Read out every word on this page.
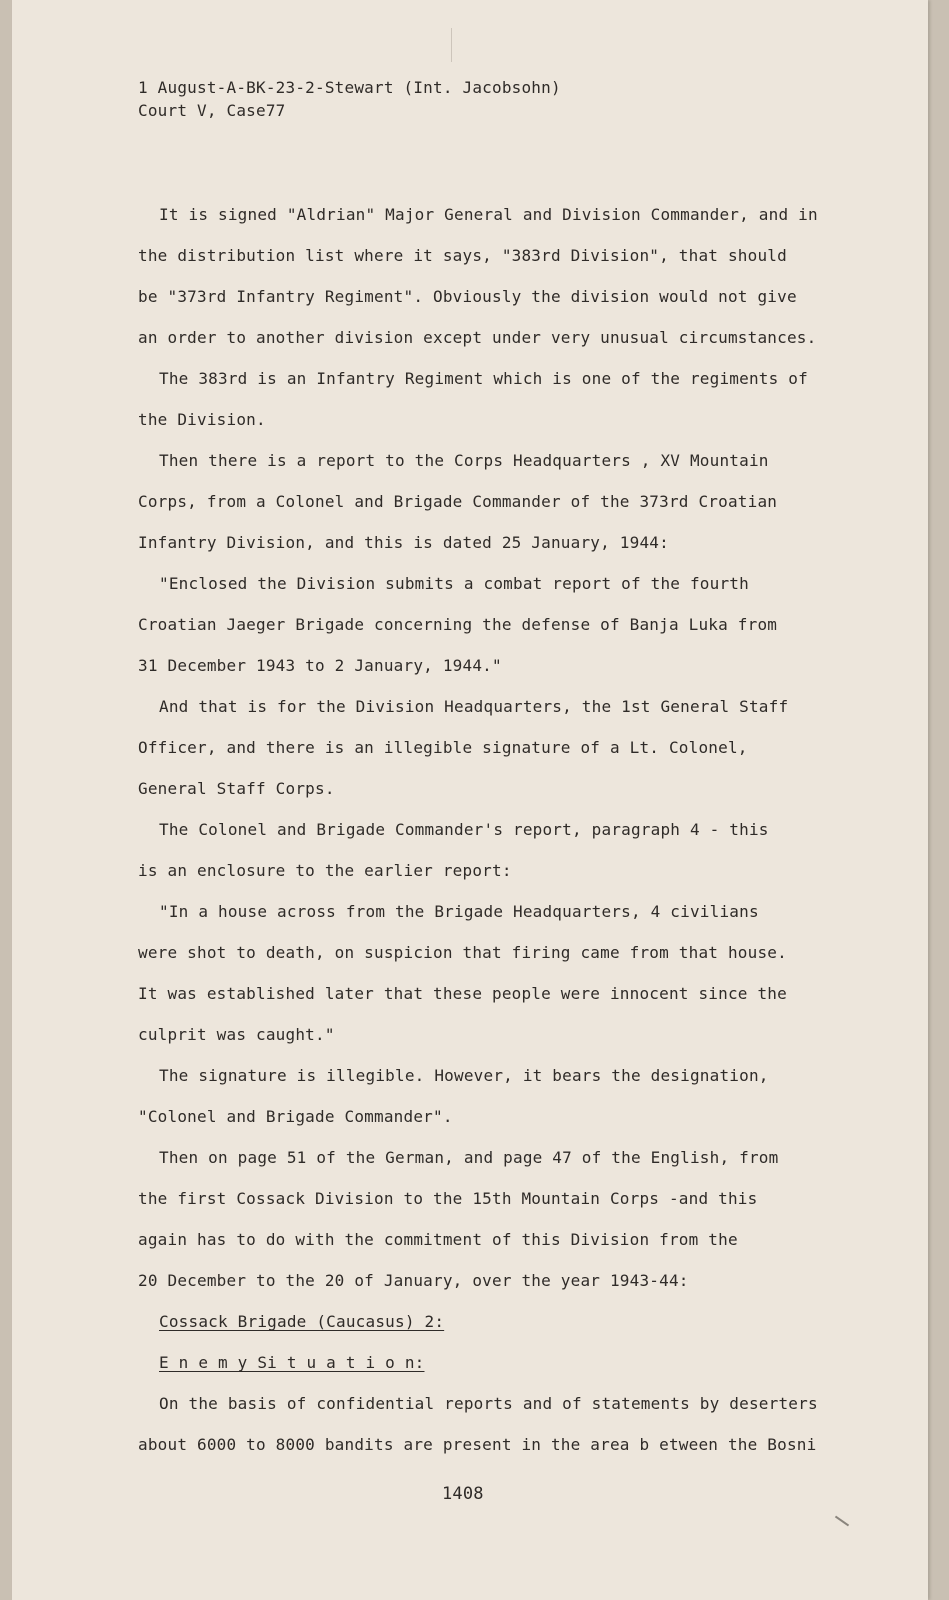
1 August-A-BK-23-2-Stewart (Int. Jacobsohn)
Court V, Case77
It is signed "Aldrian" Major General and Division Commander, and in
the distribution list where it says, "383rd Division", that should
be "373rd Infantry Regiment". Obviously the division would not give
an order to another division except under very unusual circumstances.
The 383rd is an Infantry Regiment which is one of the regiments of
the Division.
Then there is a report to the Corps Headquarters , XV Mountain
Corps, from a Colonel and Brigade Commander of the 373rd Croatian
Infantry Division, and this is dated 25 January, 1944:
"Enclosed the Division submits a combat report of the fourth
Croatian Jaeger Brigade concerning the defense of Banja Luka from
31 December 1943 to 2 January, 1944."
And that is for the Division Headquarters, the 1st General Staff
Officer, and there is an illegible signature of a Lt. Colonel,
General Staff Corps.
The Colonel and Brigade Commander's report, paragraph 4 - this
is an enclosure to the earlier report:
"In a house across from the Brigade Headquarters, 4 civilians
were shot to death, on suspicion that firing came from that house.
It was established later that these people were innocent since the
culprit was caught."
The signature is illegible. However, it bears the designation,
"Colonel and Brigade Commander".
Then on page 51 of the German, and page 47 of the English, from
the first Cossack Division to the 15th Mountain Corps -and this
again has to do with the commitment of this Division from the
20 December to the 20 of January, over the year 1943-44:
Cossack Brigade (Caucasus) 2:
E n e m y Si t u a t i o n:
On the basis of confidential reports and of statements by deserters
about 6000 to 8000 bandits are present in the area b etween the Bosni
1408
